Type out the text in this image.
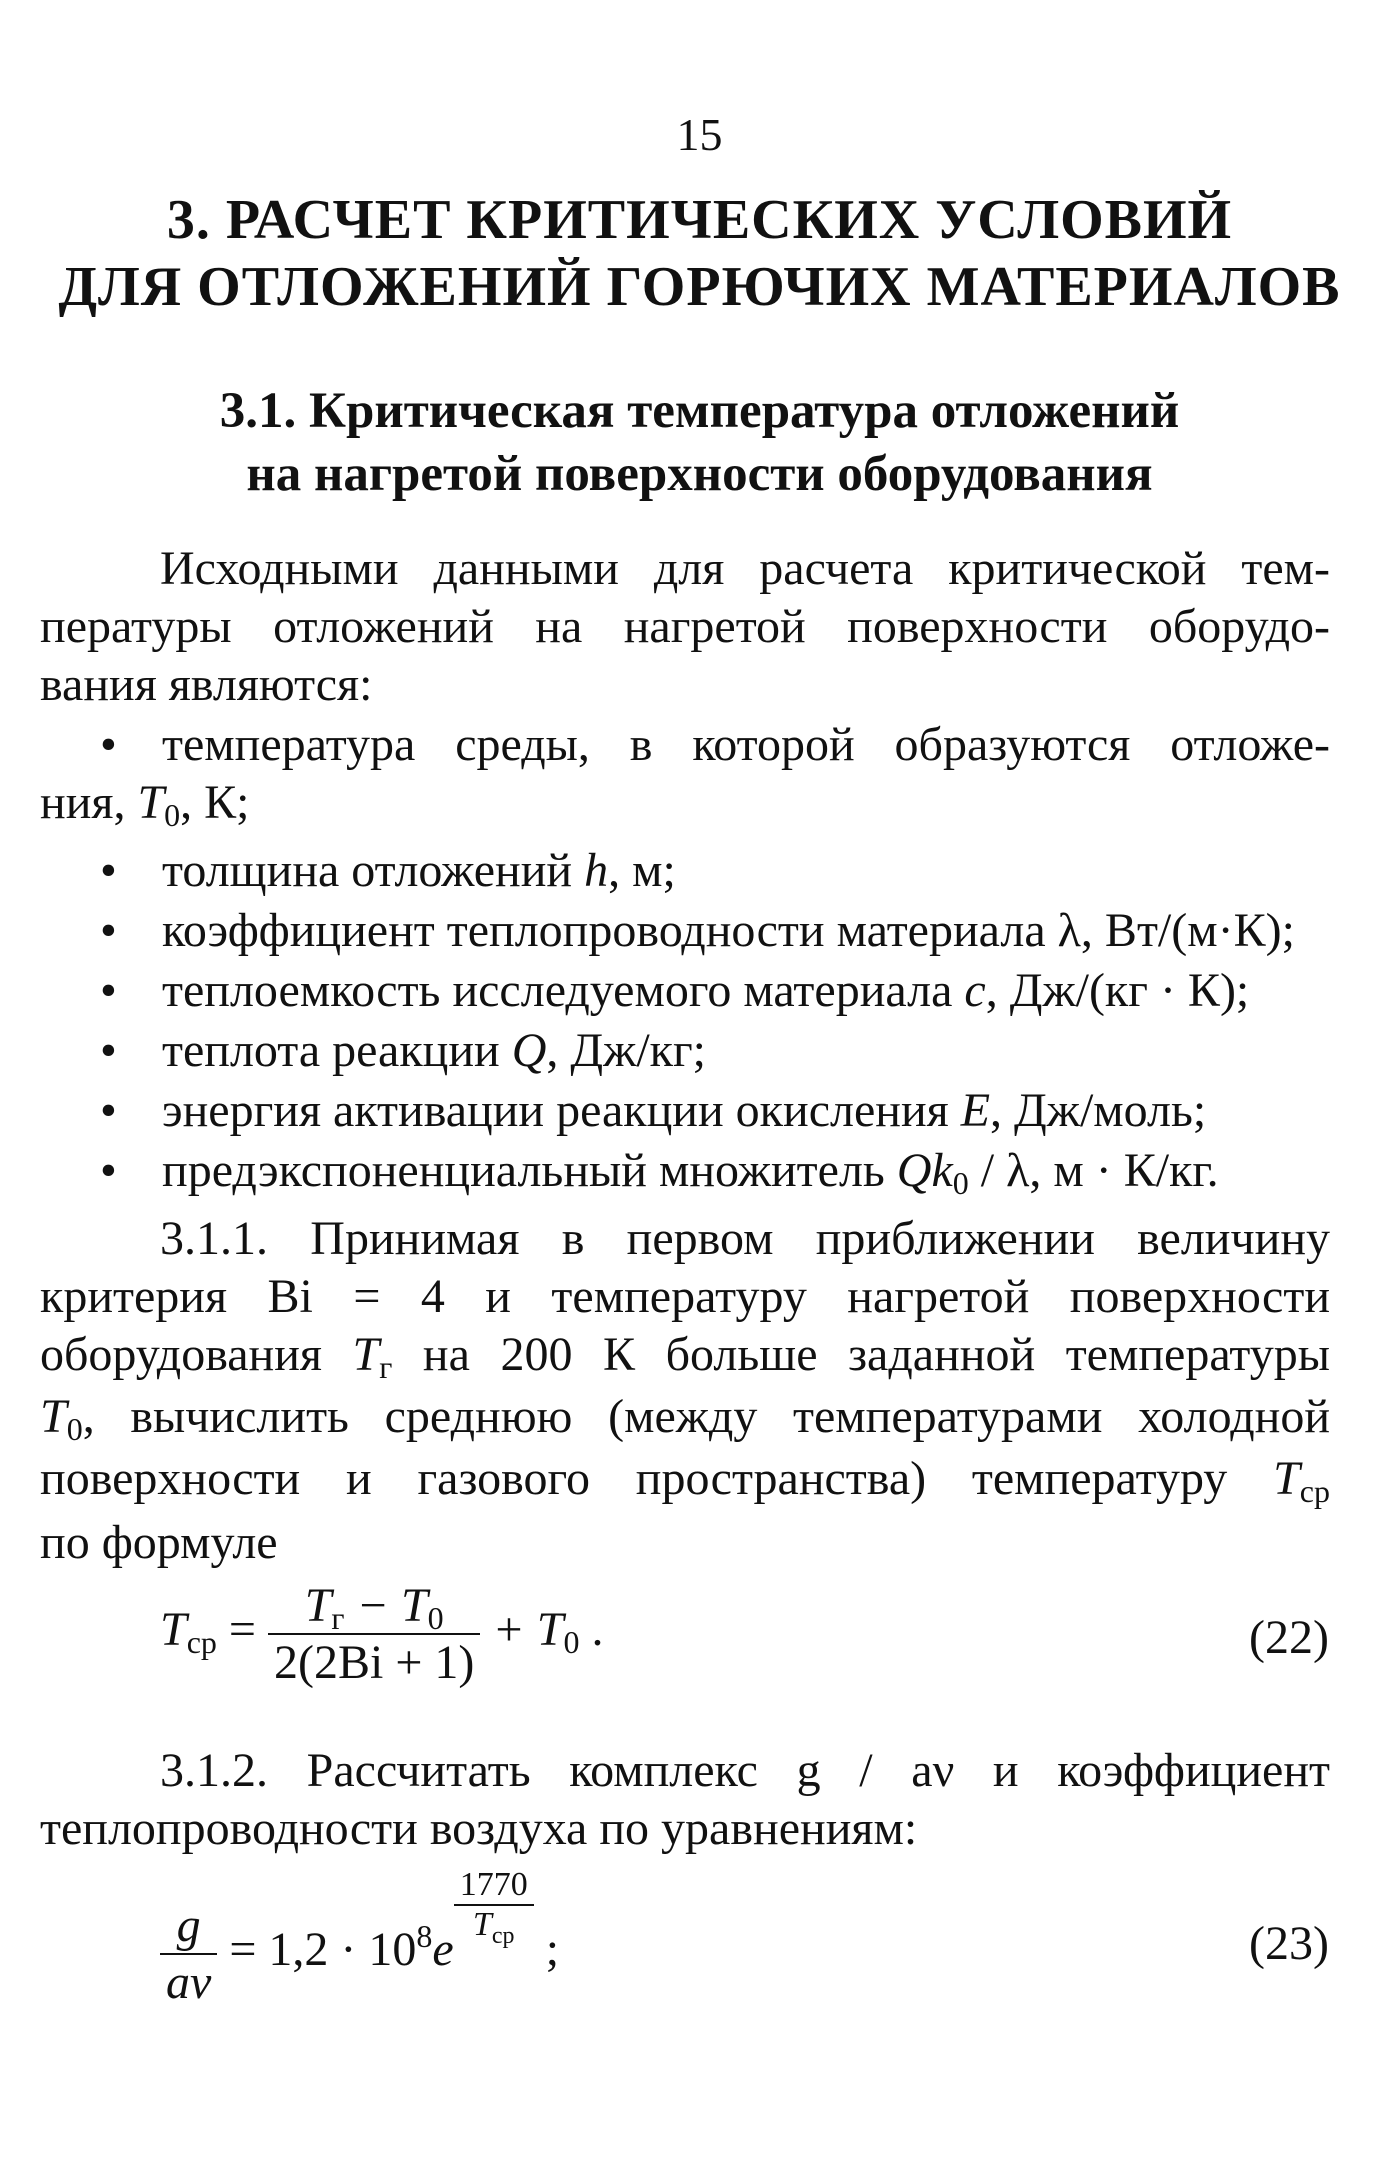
15
3. РАСЧЕТ КРИТИЧЕСКИХ УСЛОВИЙ
ДЛЯ ОТЛОЖЕНИЙ ГОРЮЧИХ МАТЕРИАЛОВ
3.1. Критическая температура отложений
на нагретой поверхности оборудования
Исходными данными для расчета критической тем-
пературы отложений на нагретой поверхности оборудо-
вания являются:
• температура среды, в которой образуются отложе-
ния, $T_0$, К;
• толщина отложений h, м;
• коэффициент теплопроводности материала λ, Вт/(м·К);
• теплоемкость исследуемого материала c, Дж/(кг · К);
• теплота реакции Q, Дж/кг;
• энергия активации реакции окисления E, Дж/моль;
• предэкспоненциальный множитель $Qk_0$ / λ, м · К/кг.
3.1.1. Принимая в первом приближении величину
критерия Bi = 4 и температуру нагретой поверхности
оборудования $T_г$ на 200 К больше заданной температуры
$T_0$, вычислить среднюю (между температурами холодной
поверхности и газового пространства) температуру $T_{ср}$
по формуле
$T_{ср} = \frac{T_г - T_0}{2(2Bi + 1)} + T_0$ .	(22)
3.1.2. Рассчитать комплекс g / aν и коэффициент
теплопроводности воздуха по уравнениям:
$\frac{g}{a\nu} = 1,2 \cdot 10^8e$
$\frac{1770}{T_{ср}}$
;	(23)
